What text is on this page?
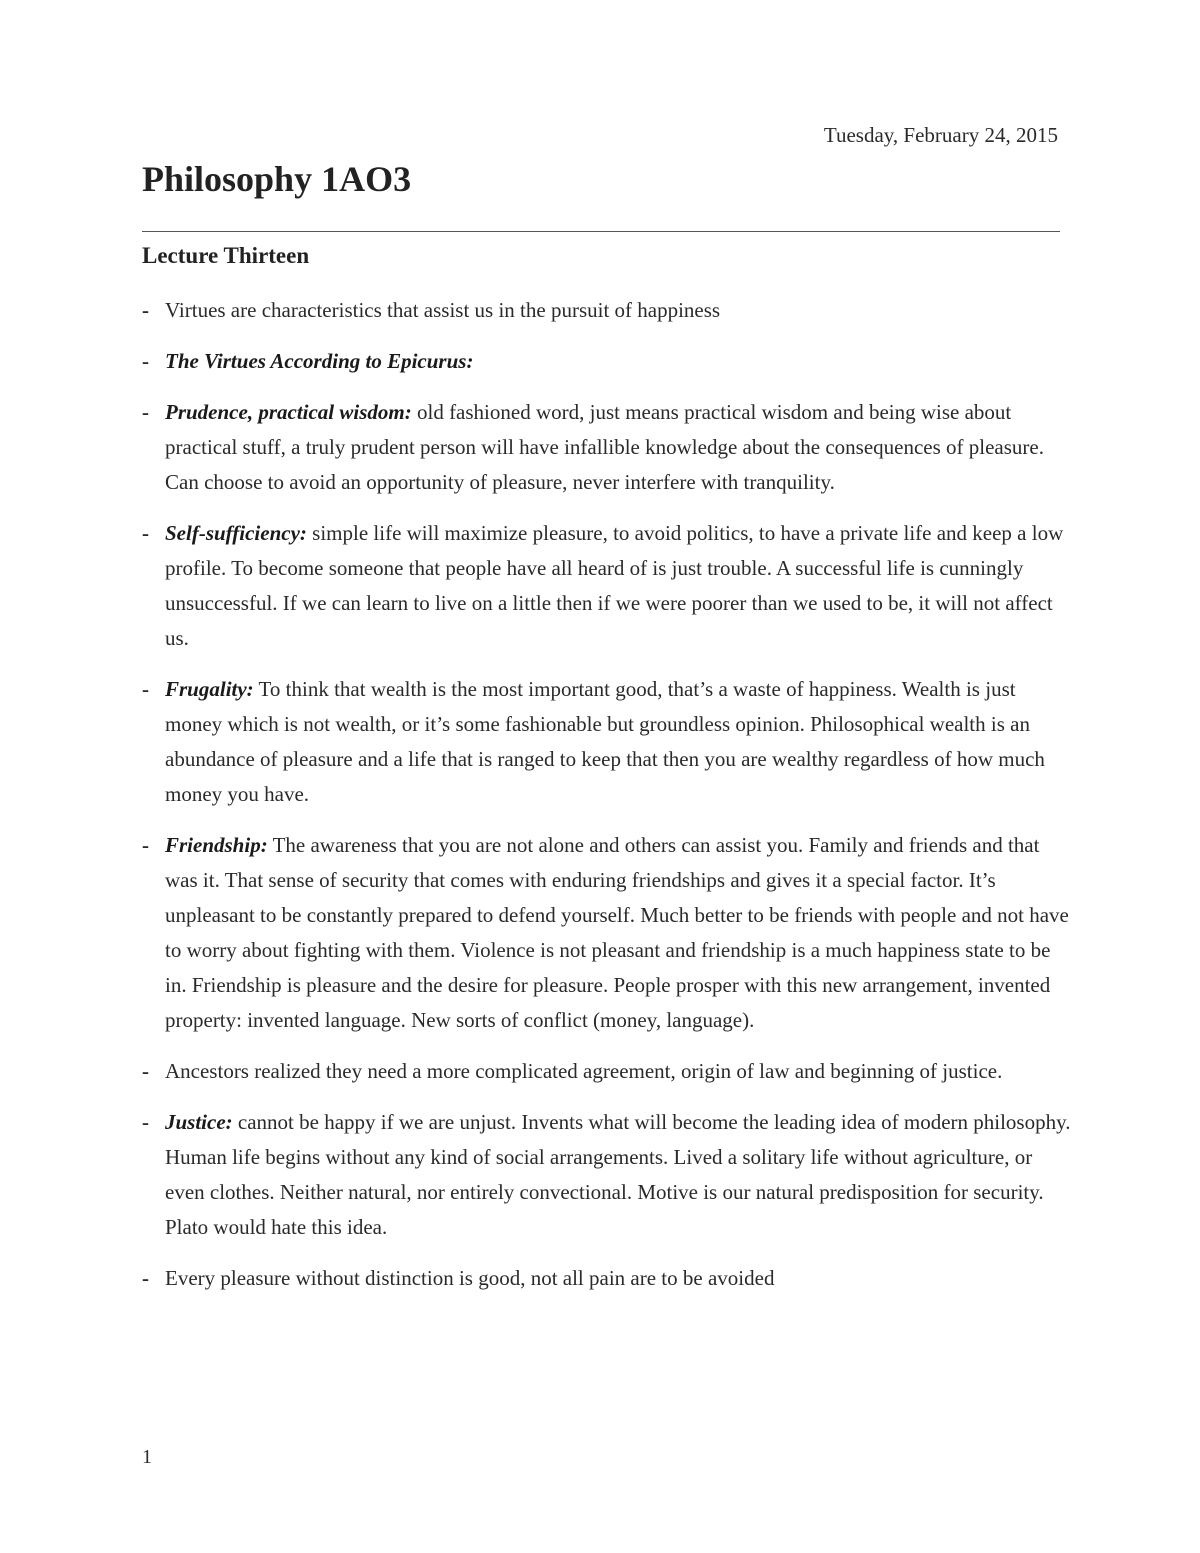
Tuesday, February 24, 2015
Philosophy 1AO3
Lecture Thirteen
- Virtues are characteristics that assist us in the pursuit of happiness
- The Virtues According to Epicurus:
- Prudence, practical wisdom: old fashioned word, just means practical wisdom and being wise about practical stuff, a truly prudent person will have infallible knowledge about the consequences of pleasure. Can choose to avoid an opportunity of pleasure, never interfere with tranquility.
- Self-sufficiency: simple life will maximize pleasure, to avoid politics, to have a private life and keep a low profile. To become someone that people have all heard of is just trouble. A successful life is cunningly unsuccessful. If we can learn to live on a little then if we were poorer than we used to be, it will not affect us.
- Frugality: To think that wealth is the most important good, that’s a waste of happiness. Wealth is just money which is not wealth, or it’s some fashionable but groundless opinion. Philosophical wealth is an abundance of pleasure and a life that is ranged to keep that then you are wealthy regardless of how much money you have.
- Friendship: The awareness that you are not alone and others can assist you. Family and friends and that was it. That sense of security that comes with enduring friendships and gives it a special factor. It’s unpleasant to be constantly prepared to defend yourself. Much better to be friends with people and not have to worry about fighting with them. Violence is not pleasant and friendship is a much happiness state to be in. Friendship is pleasure and the desire for pleasure. People prosper with this new arrangement, invented property: invented language. New sorts of conflict (money, language).
- Ancestors realized they need a more complicated agreement, origin of law and beginning of justice.
- Justice: cannot be happy if we are unjust. Invents what will become the leading idea of modern philosophy. Human life begins without any kind of social arrangements. Lived a solitary life without agriculture, or even clothes. Neither natural, nor entirely convectional. Motive is our natural predisposition for security. Plato would hate this idea.
- Every pleasure without distinction is good, not all pain are to be avoided
1
